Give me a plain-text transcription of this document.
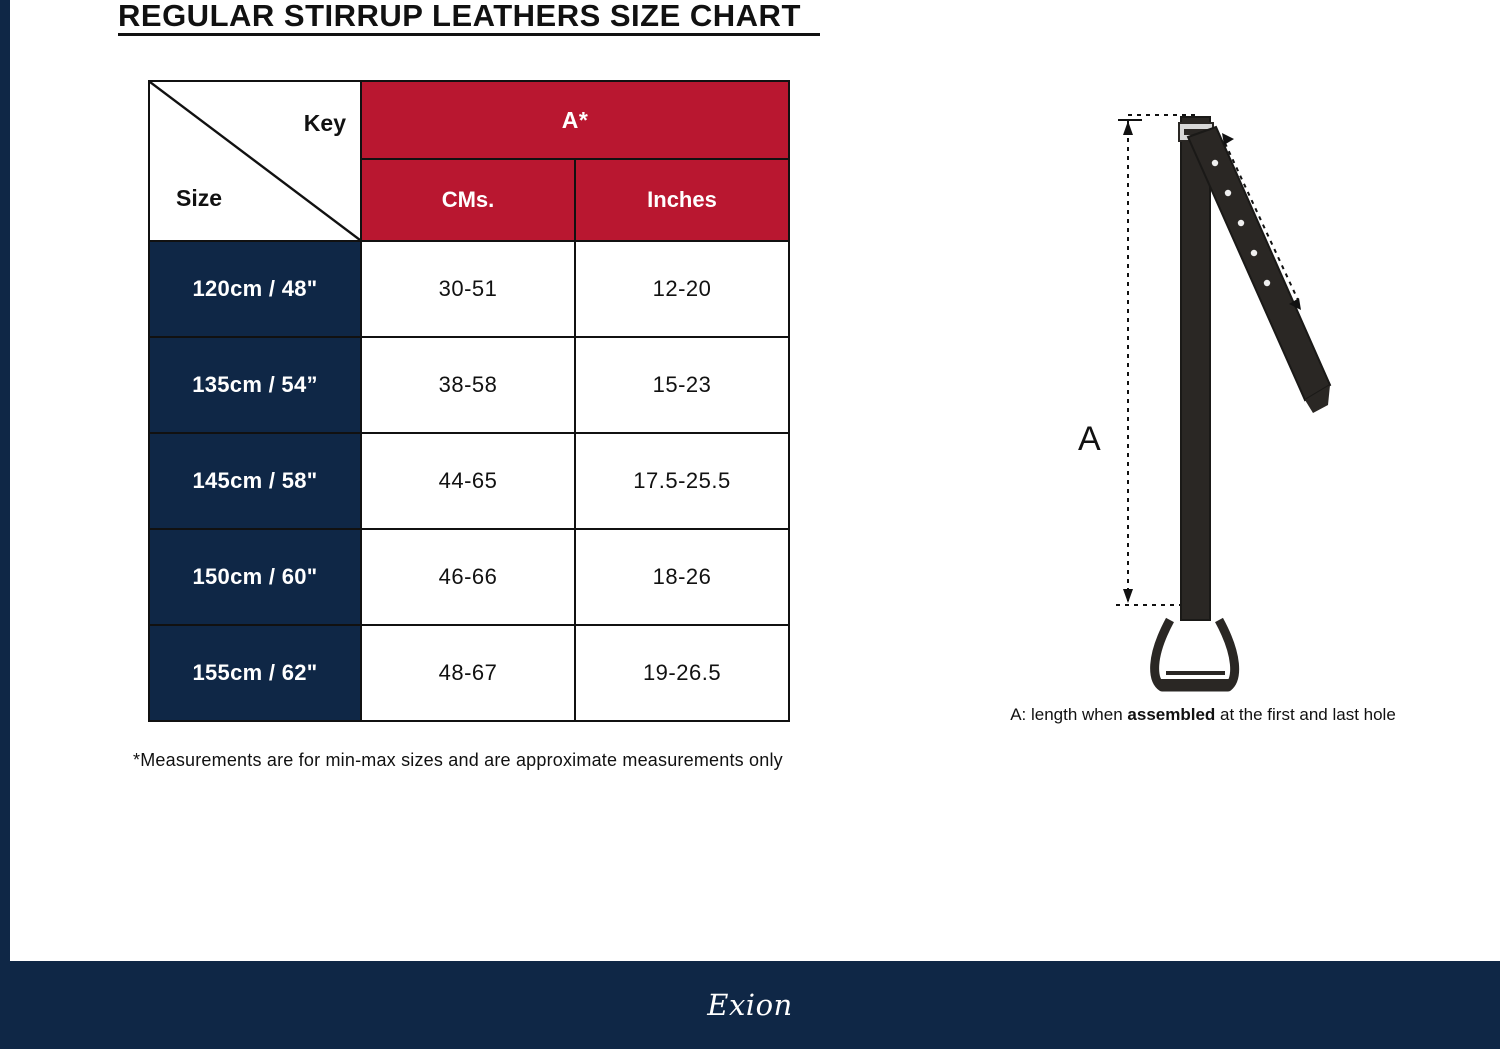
REGULAR STIRRUP LEATHERS SIZE CHART
Key
Size	A*	
	CMs.	Inches
120cm / 48"	30-51	12-20
135cm / 54”	38-58	15-23
145cm / 58"	44-65	17.5-25.5
150cm / 60"	46-66	18-26
155cm / 62"	48-67	19-26.5
*Measurements are for min-max sizes and are approximate measurements only
A
A: length when assembled at the first and last hole
Exion
